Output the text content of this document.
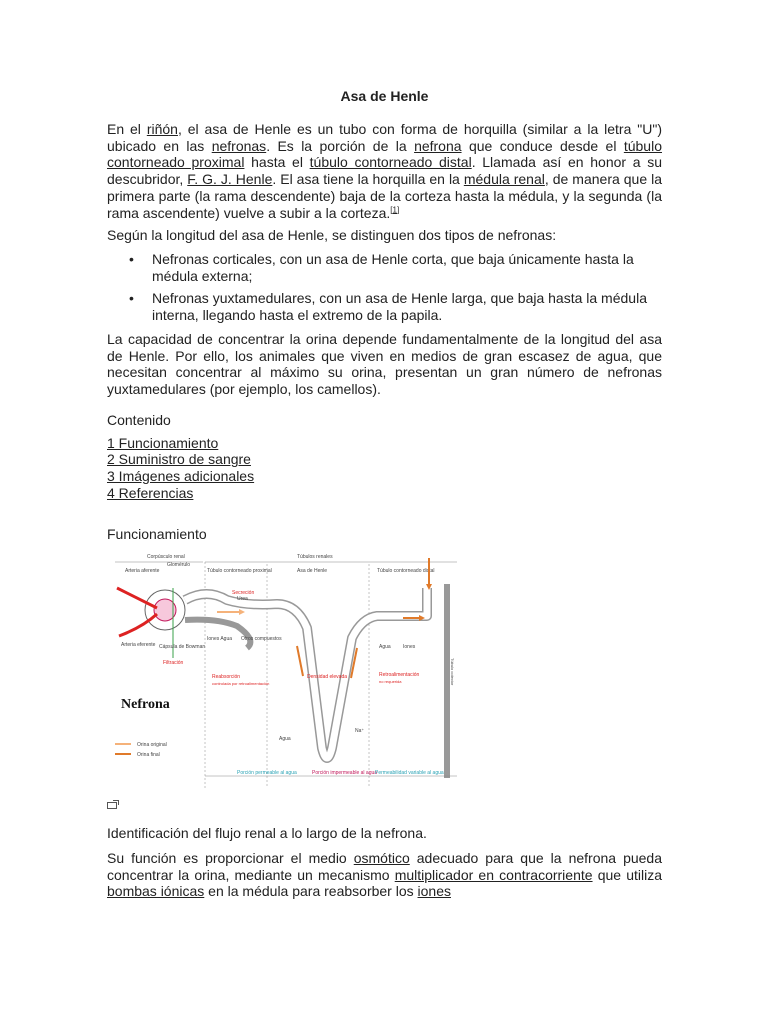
Asa de Henle

En el riñón, el asa de Henle es un tubo con forma de horquilla (similar a la letra "U") ubicado en las nefronas. Es la porción de la nefrona que conduce desde el túbulo contorneado proximal hasta el túbulo contorneado distal. Llamada así en honor a su descubridor, F. G. J. Henle. El asa tiene la horquilla en la médula renal, de manera que la primera parte (la rama descendente) baja de la corteza hasta la médula, y la segunda (la rama ascendente) vuelve a subir a la corteza.[1]

Según la longitud del asa de Henle, se distinguen dos tipos de nefronas:

• Nefronas corticales, con un asa de Henle corta, que baja únicamente hasta la médula externa;
• Nefronas yuxtamedulares, con un asa de Henle larga, que baja hasta la médula interna, llegando hasta el extremo de la papila.

La capacidad de concentrar la orina depende fundamentalmente de la longitud del asa de Henle. Por ello, los animales que viven en medios de gran escasez de agua, que necesitan concentrar al máximo su orina, presentan un gran número de nefronas yuxtamedulares (por ejemplo, los camellos).

Contenido
1 Funcionamiento
2 Suministro de sangre
3 Imágenes adicionales
4 Referencias
Funcionamiento
Corpúsculo renal	Túbulos renales
Túbulo contorneado proximal	Asa de Henle	Túbulo contorneado distal
Arteria aferente
Glomérulo
Arteria eferente Cápsula de Bowman
Filtración
Secreción
Urea
Iones Agua Otros compuestos
Reabsorción
controlada por retroalimentación
Densidad elevada
Agua Iones
Retroalimentación
no requerida
Agua
Na⁺
Túbulo colector
Nefrona
Orina original
Orina final
Porción permeable al agua	Porción impermeable al agua
Permeabilidad variable al agua

Identificación del flujo renal a lo largo de la nefrona.

Su función es proporcionar el medio osmótico adecuado para que la nefrona pueda concentrar la orina, mediante un mecanismo multiplicador en contracorriente que utiliza bombas iónicas en la médula para reabsorber los iones
